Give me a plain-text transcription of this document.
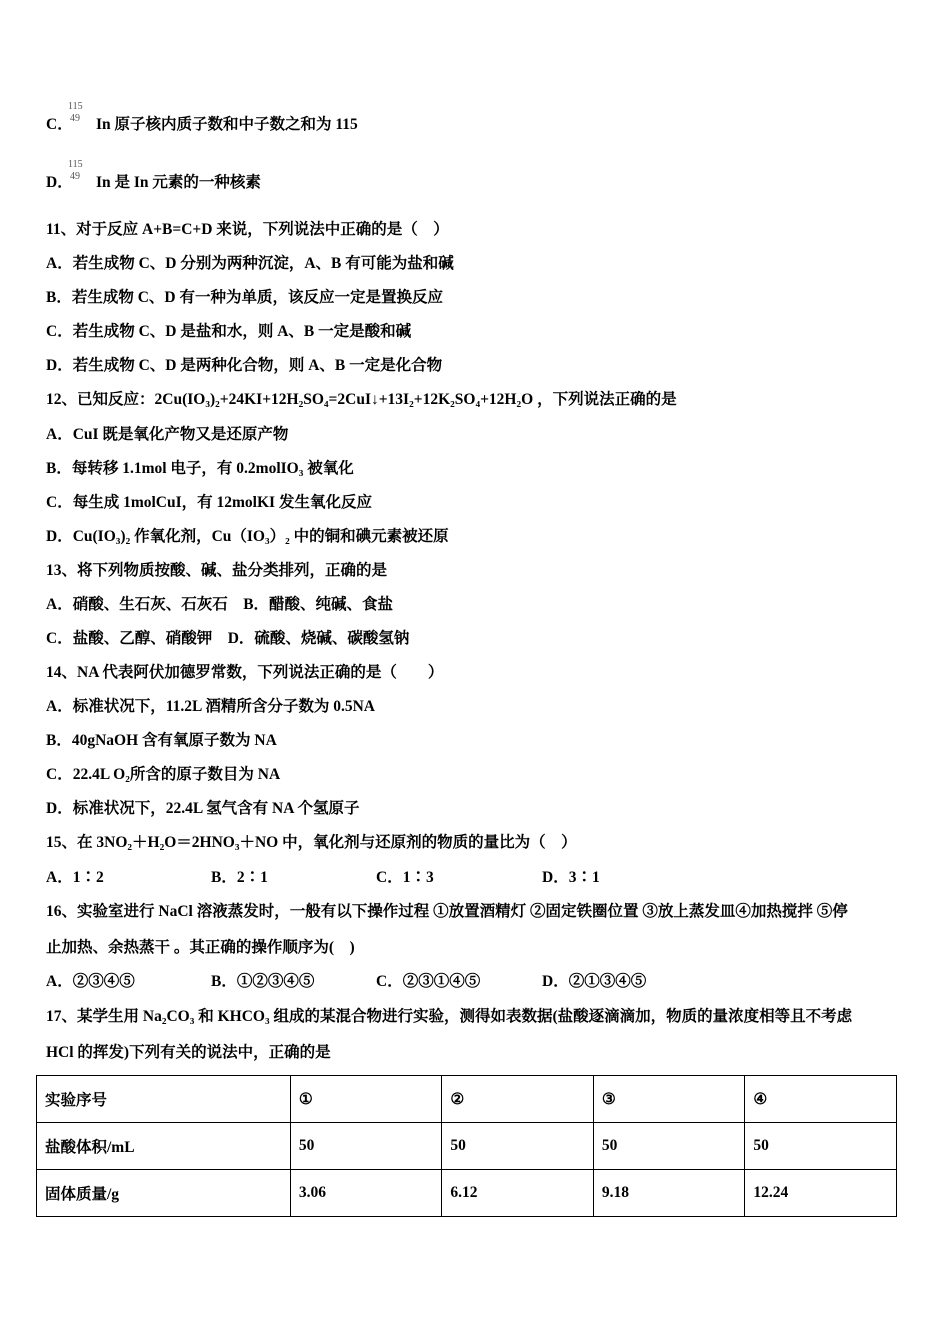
C．
115
49 In 原子核内质子数和中子数之和为 115
D．
115
49 In 是 In 元素的一种核素
11、对于反应 A+B=C+D 来说，下列说法中正确的是（　）
A．若生成物 C、D 分别为两种沉淀，A、B 有可能为盐和碱
B．若生成物 C、D 有一种为单质，该反应一定是置换反应
C．若生成物 C、D 是盐和水，则 A、B 一定是酸和碱
D．若生成物 C、D 是两种化合物，则 A、B 一定是化合物
12、已知反应：2Cu(IO₃)₂+24KI+12H₂SO₄=2CuI↓+13I₂+12K₂SO₄+12H₂O ，下列说法正确的是
A．CuI 既是氧化产物又是还原产物
B．每转移 1.1mol 电子，有 0.2molIO₃ 被氧化
C．每生成 1molCuI，有 12molKI 发生氧化反应
D．Cu(IO₃)₂ 作氧化剂，Cu（IO₃）₂ 中的铜和碘元素被还原
13、将下列物质按酸、碱、盐分类排列，正确的是
A．硝酸、生石灰、石灰石　B．醋酸、纯碱、食盐
C．盐酸、乙醇、硝酸钾　D．硫酸、烧碱、碳酸氢钠
14、NA 代表阿伏加德罗常数，下列说法正确的是（　　）
A．标准状况下，11.2L 酒精所含分子数为 0.5NA
B．40gNaOH 含有氧原子数为 NA
C．22.4L O₂所含的原子数目为 NA
D．标准状况下，22.4L 氢气含有 NA 个氢原子
15、在 3NO₂＋H₂O＝2HNO₃＋NO 中，氧化剂与还原剂的物质的量比为（　）
A．1∶2	B．2∶1	C．1∶3	D．3∶1
16、实验室进行 NaCl 溶液蒸发时，一般有以下操作过程 ①放置酒精灯 ②固定铁圈位置 ③放上蒸发皿④加热搅拌 ⑤停
止加热、余热蒸干 。其正确的操作顺序为(　)
A．②③④⑤	B．①②③④⑤	C．②③①④⑤	D．②①③④⑤
17、某学生用 Na₂CO₃ 和 KHCO₃ 组成的某混合物进行实验，测得如表数据(盐酸逐滴滴加，物质的量浓度相等且不考虑
HCl 的挥发)下列有关的说法中，正确的是
实验序号	①	②	③	④
盐酸体积/mL	50	50	50	50
固体质量/g	3.06	6.12	9.18	12.24
